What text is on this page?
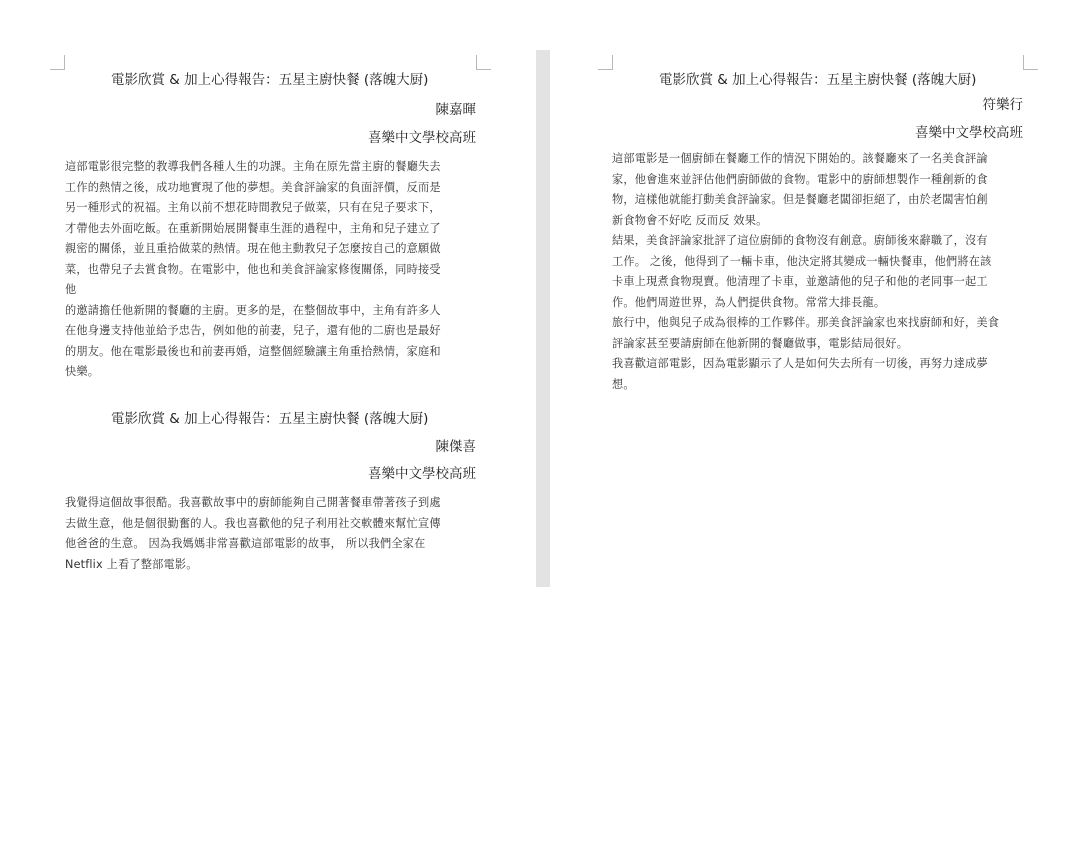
電影欣賞 & 加上心得報告：五星主廚快餐 (落魄大厨)
陳嘉暉
喜樂中文學校高班

這部電影很完整的教導我們各種人生的功課。主角在原先當主廚的餐廳失去

工作的熱情之後，成功地實現了他的夢想。美食評論家的負面評價，反而是

另一種形式的祝福。主角以前不想花時間教兒子做菜，只有在兒子要求下，

才帶他去外面吃飯。在重新開始展開餐車生涯的過程中，主角和兒子建立了

親密的關係，並且重拾做菜的熱情。現在他主動教兒子怎麼按自己的意願做

菜，也帶兒子去賞食物。在電影中，他也和美食評論家修復關係，同時接受

他

的邀請擔任他新開的餐廳的主廚。更多的是，在整個故事中，主角有許多人

在他身邊支持他並給予忠告，例如他的前妻，兒子，還有他的二廚也是最好

的朋友。他在電影最後也和前妻再婚，這整個經驗讓主角重拾熱情，家庭和

快樂。

電影欣賞 & 加上心得報告：五星主廚快餐 (落魄大厨)
陳傑喜
喜樂中文學校高班

我覺得這個故事很酷。我喜歡故事中的廚師能夠自己開著餐車帶著孩子到處

去做生意，他是個很勤奮的人。我也喜歡他的兒子利用社交軟體來幫忙宣傳

他爸爸的生意。 因為我媽媽非常喜歡這部電影的故事， 所以我們全家在

Netflix 上看了整部電影。

電影欣賞 & 加上心得報告：五星主廚快餐 (落魄大厨)
符樂行
喜樂中文學校高班

這部電影是一個廚師在餐廳工作的情況下開始的。該餐廳來了一名美食評論

家，他會進來並評估他們廚師做的食物。電影中的廚師想製作一種創新的食

物，這樣他就能打動美食評論家。但是餐廳老闆卻拒絕了，由於老闆害怕創

新食物會不好吃 反而反 效果。

結果，美食評論家批評了這位廚師的食物沒有創意。廚師後來辭職了，沒有

工作。 之後，他得到了一輛卡車，他決定將其變成一輛快餐車，他們將在該

卡車上現煮食物現賣。他清理了卡車，並邀請他的兒子和他的老同事一起工

作。他們周遊世界，為人們提供食物。常常大排長龍。

旅行中，他與兒子成為很棒的工作夥伴。那美食評論家也來找廚師和好，美食

評論家甚至要請廚師在他新開的餐廳做事，電影結局很好。

我喜歡這部電影，因為電影顯示了人是如何失去所有一切後，再努力達成夢

想。
